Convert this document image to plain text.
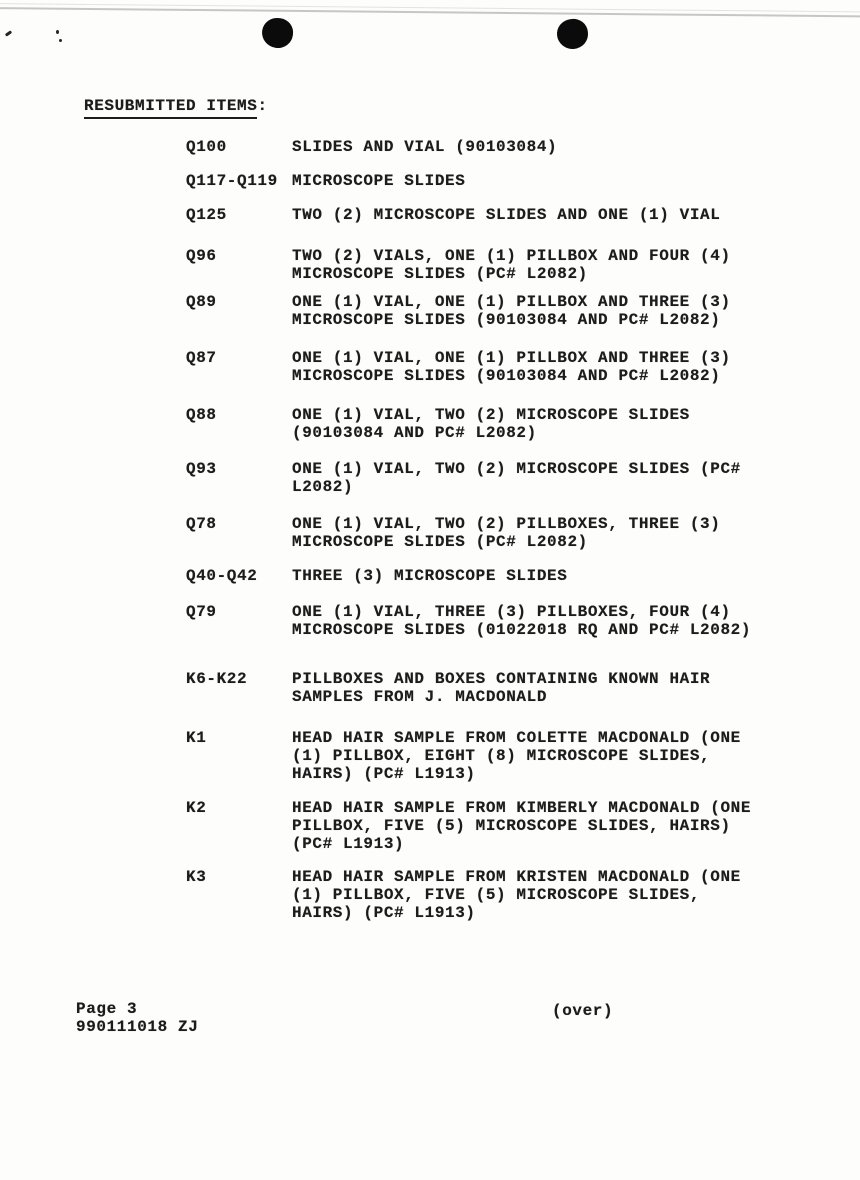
RESUBMITTED ITEMS:
Q100	SLIDES AND VIAL (90103084)
Q117-Q119 MICROSCOPE SLIDES
Q125	TWO (2) MICROSCOPE SLIDES AND ONE (1) VIAL
Q96	TWO (2) VIALS, ONE (1) PILLBOX AND FOUR (4)
MICROSCOPE SLIDES (PC# L2082)
Q89	ONE (1) VIAL, ONE (1) PILLBOX AND THREE (3)
MICROSCOPE SLIDES (90103084 AND PC# L2082)
Q87	ONE (1) VIAL, ONE (1) PILLBOX AND THREE (3)
MICROSCOPE SLIDES (90103084 AND PC# L2082)
Q88	ONE (1) VIAL, TWO (2) MICROSCOPE SLIDES
(90103084 AND PC# L2082)
Q93	ONE (1) VIAL, TWO (2) MICROSCOPE SLIDES (PC#
L2082)
Q78	ONE (1) VIAL, TWO (2) PILLBOXES, THREE (3)
MICROSCOPE SLIDES (PC# L2082)
Q40-Q42 THREE (3) MICROSCOPE SLIDES
Q79	ONE (1) VIAL, THREE (3) PILLBOXES, FOUR (4)
MICROSCOPE SLIDES (01022018 RQ AND PC# L2082)
K6-K22	PILLBOXES AND BOXES CONTAINING KNOWN HAIR
SAMPLES FROM J. MACDONALD
K1	HEAD HAIR SAMPLE FROM COLETTE MACDONALD (ONE
(1) PILLBOX, EIGHT (8) MICROSCOPE SLIDES,
HAIRS) (PC# L1913)
K2	HEAD HAIR SAMPLE FROM KIMBERLY MACDONALD (ONE
PILLBOX, FIVE (5) MICROSCOPE SLIDES, HAIRS)
(PC# L1913)
K3	HEAD HAIR SAMPLE FROM KRISTEN MACDONALD (ONE
(1) PILLBOX, FIVE (5) MICROSCOPE SLIDES,
HAIRS) (PC# L1913)
Page 3
990111018 ZJ
(over)
